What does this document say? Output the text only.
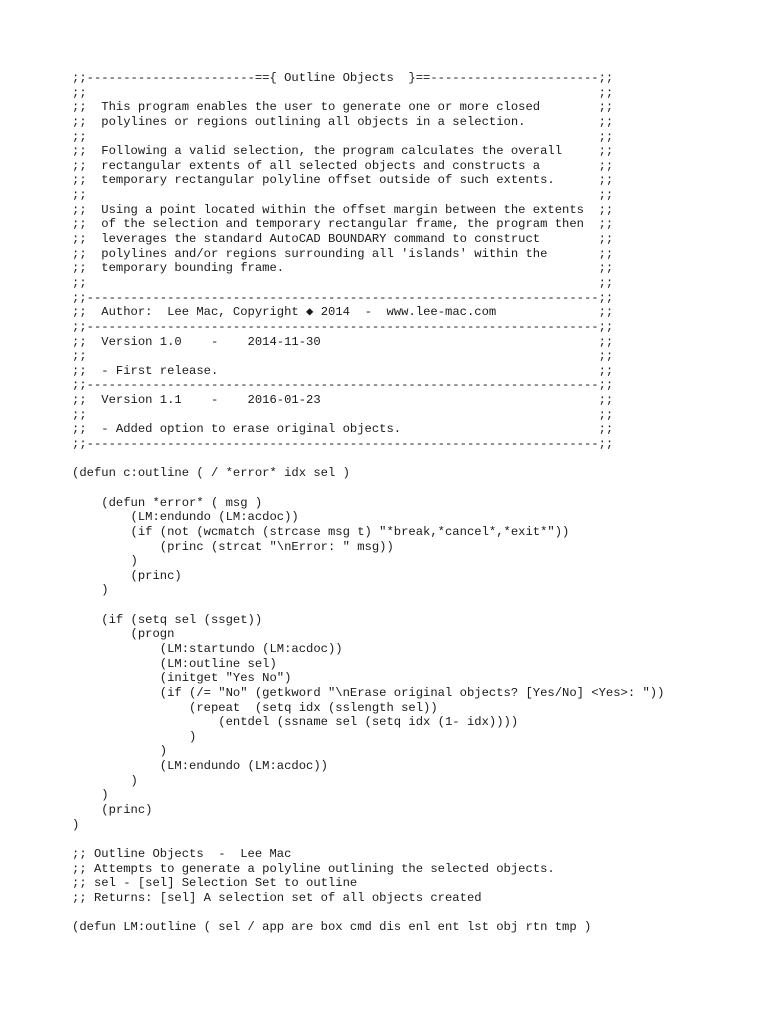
;;-----------------------=={ Outline Objects  }==-----------------------;;
;;                                                                      ;;
;;  This program enables the user to generate one or more closed        ;;
;;  polylines or regions outlining all objects in a selection.          ;;
;;                                                                      ;;
;;  Following a valid selection, the program calculates the overall     ;;
;;  rectangular extents of all selected objects and constructs a        ;;
;;  temporary rectangular polyline offset outside of such extents.      ;;
;;                                                                      ;;
;;  Using a point located within the offset margin between the extents  ;;
;;  of the selection and temporary rectangular frame, the program then  ;;
;;  leverages the standard AutoCAD BOUNDARY command to construct        ;;
;;  polylines and/or regions surrounding all 'islands' within the       ;;
;;  temporary bounding frame.                                           ;;
;;                                                                      ;;
;;----------------------------------------------------------------------;;
;;  Author:  Lee Mac, Copyright ◆ 2014  -  www.lee-mac.com              ;;
;;----------------------------------------------------------------------;;
;;  Version 1.0    -    2014-11-30                                      ;;
;;                                                                      ;;
;;  - First release.                                                    ;;
;;----------------------------------------------------------------------;;
;;  Version 1.1    -    2016-01-23                                      ;;
;;                                                                      ;;
;;  - Added option to erase original objects.                           ;;
;;----------------------------------------------------------------------;;
(defun c:outline ( / *error* idx sel )
(defun *error* ( msg )
(LM:endundo (LM:acdoc))
(if (not (wcmatch (strcase msg t) "*break,*cancel*,*exit*"))
(princ (strcat "\nError: " msg))
)
(princ)
)
(if (setq sel (ssget))
(progn
(LM:startundo (LM:acdoc))
(LM:outline sel)
(initget "Yes No")
(if (/= "No" (getkword "\nErase original objects? [Yes/No] <Yes>: "))
(repeat  (setq idx (sslength sel))
(entdel (ssname sel (setq idx (1- idx))))
)
)
(LM:endundo (LM:acdoc))
)
)
(princ)
)
;; Outline Objects  -  Lee Mac
;; Attempts to generate a polyline outlining the selected objects.
;; sel - [sel] Selection Set to outline
;; Returns: [sel] A selection set of all objects created
(defun LM:outline ( sel / app are box cmd dis enl ent lst obj rtn tmp )
